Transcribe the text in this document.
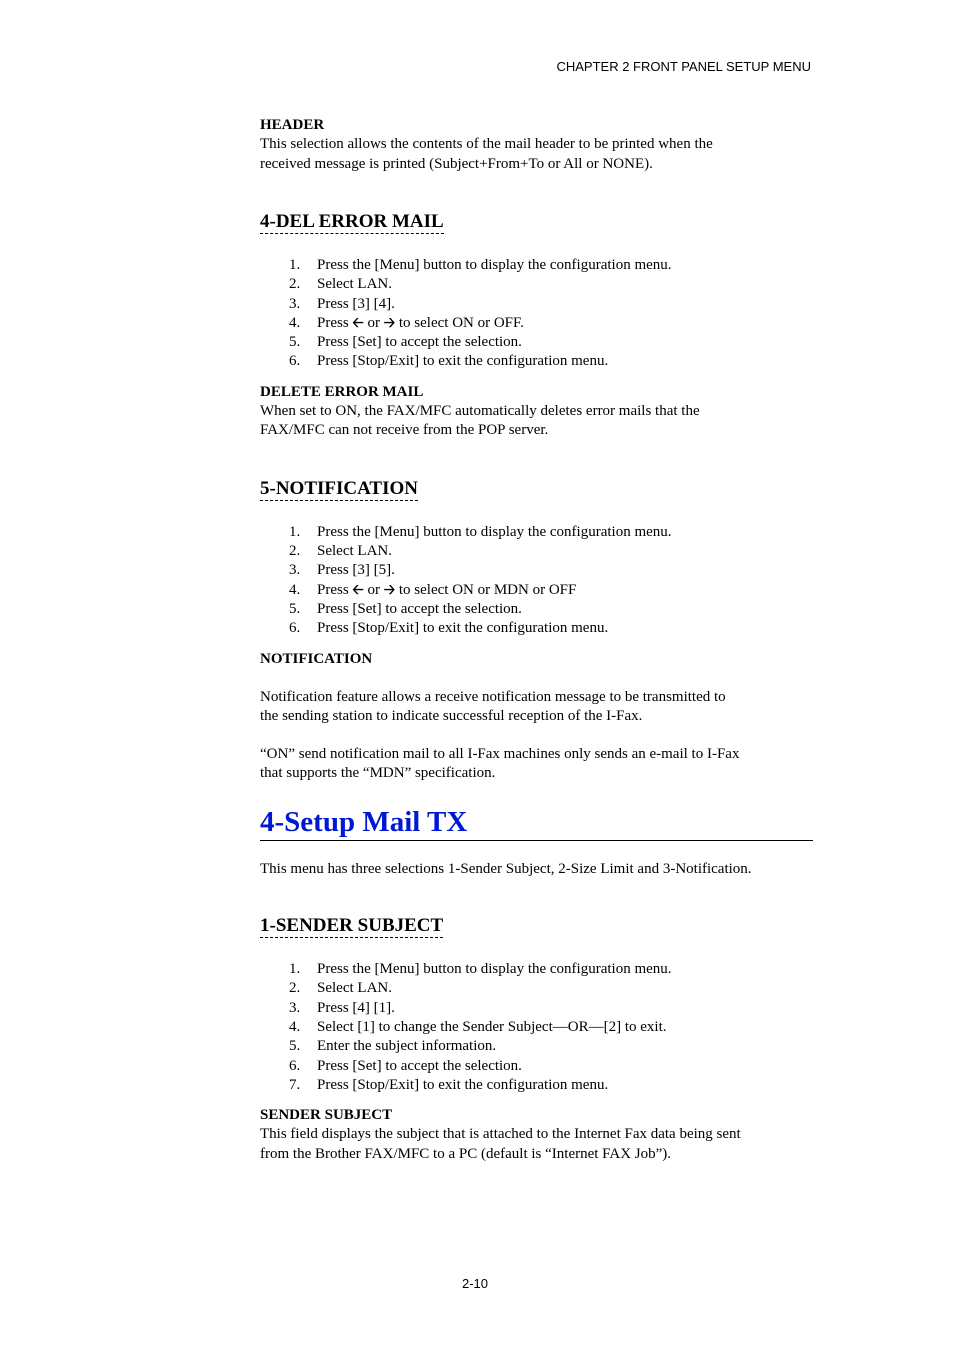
CHAPTER 2 FRONT PANEL SETUP MENU

HEADER

This selection allows the contents of the mail header to be printed when the

received message is printed (Subject+From+To or All or NONE).

4-DEL ERROR MAIL

1.	Press the [Menu] button to display the configuration menu.
2.	Select LAN.
3.	Press [3] [4].
4.	Press 🡠 or 🡢 to select ON or OFF.
5.	Press [Set] to accept the selection.
6.	Press [Stop/Exit] to exit the configuration menu.

DELETE ERROR MAIL

When set to ON, the FAX/MFC automatically deletes error mails that the

FAX/MFC can not receive from the POP server.

5-NOTIFICATION

1.	Press the [Menu] button to display the configuration menu.
2.	Select LAN.
3.	Press [3] [5].
4.	Press 🡠 or 🡢 to select ON or MDN or OFF
5.	Press [Set] to accept the selection.
6.	Press [Stop/Exit] to exit the configuration menu.

NOTIFICATION

Notification feature allows a receive notification message to be transmitted to

the sending station to indicate successful reception of the I-Fax.

“ON” send notification mail to all I-Fax machines only sends an e-mail to I-Fax

that supports the “MDN” specification.

4-Setup Mail TX

This menu has three selections 1-Sender Subject, 2-Size Limit and 3-Notification.

1-SENDER SUBJECT

1.	Press the [Menu] button to display the configuration menu.
2.	Select LAN.
3.	Press [4] [1].
4.	Select [1] to change the Sender Subject—OR—[2] to exit.
5.	Enter the subject information.
6.	Press [Set] to accept the selection.
7.	Press [Stop/Exit] to exit the configuration menu.

SENDER SUBJECT

This field displays the subject that is attached to the Internet Fax data being sent

from the Brother FAX/MFC to a PC (default is “Internet FAX Job”).

2-10
